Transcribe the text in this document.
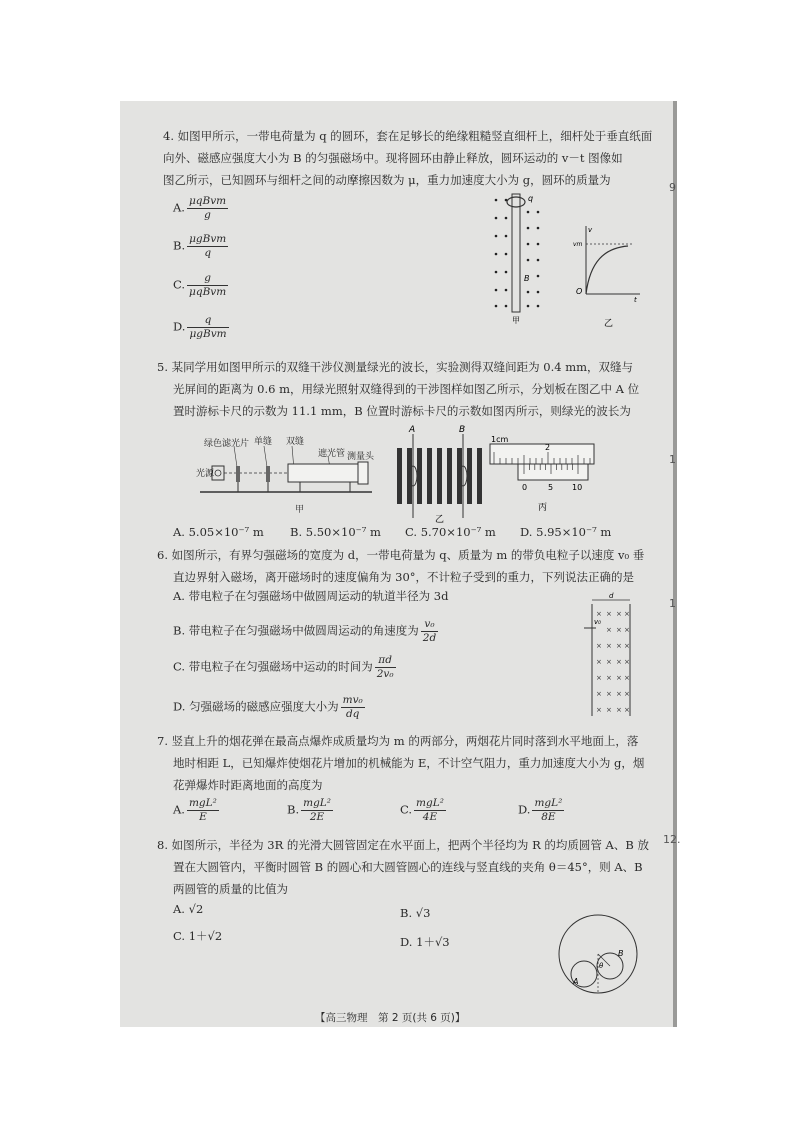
9
1
1
12.
4. 如图甲所示，一带电荷量为 q 的圆环，套在足够长的绝缘粗糙竖直细杆上，细杆处于垂直纸面
向外、磁感应强度大小为 B 的匀强磁场中。现将圆环由静止释放，圆环运动的 v－t 图像如
图乙所示，已知圆环与细杆之间的动摩擦因数为 μ，重力加速度大小为 g，圆环的质量为
A. $\frac{\text{μqBvm}}{g}$
B. $\frac{\text{μgBvm}}{q}$
C. $\frac{g}{\text{μqBvm}}$
D. $\frac{q}{\text{μgBvm}}$
q
B
甲
v
vm
O
t
乙
5. 某同学用如图甲所示的双缝干涉仪测量绿光的波长，实验测得双缝间距为 0.4 mm，双缝与
光屏间的距离为 0.6 m，用绿光照射双缝得到的干涉图样如图乙所示，分划板在图乙中 A 位
置时游标卡尺的示数为 11.1 mm，B 位置时游标卡尺的示数如图丙所示，则绿光的波长为
绿色滤光片 单缝 双缝
遮光管 测量头
光源
甲
A	B
乙
1cm
2
0	5 10
丙
A. 5.05×10⁻⁷ m B. 5.50×10⁻⁷ m C. 5.70×10⁻⁷ m D. 5.95×10⁻⁷ m
6. 如图所示，有界匀强磁场的宽度为 d，一带电荷量为 q、质量为 m 的带负电粒子以速度 v₀ 垂
直边界射入磁场，离开磁场时的速度偏角为 30°，不计粒子受到的重力，下列说法正确的是
A. 带电粒子在匀强磁场中做圆周运动的轨道半径为 3d
B. 带电粒子在匀强磁场中做圆周运动的角速度为 $\frac{\text{v₀}}{2d}$
C. 带电粒子在匀强磁场中运动的时间为 $\frac{\pi d}{\text{2v₀}}$
D. 匀强磁场的磁感应强度大小为 $\frac{\text{mv₀}}{dq}$
d
v₀
× × × ×
× × ×
× × × ×
× × × ×
× × × ×
× × × ×
× × × ×
7. 竖直上升的烟花弹在最高点爆炸成质量均为 m 的两部分，两烟花片同时落到水平地面上，落
地时相距 L，已知爆炸使烟花片增加的机械能为 E，不计空气阻力，重力加速度大小为 g，烟
花弹爆炸时距离地面的高度为
A. $\frac{\text{mgL²}}{E}$	B. $\frac{\text{mgL²}}{2E}$	C. $\frac{\text{mgL²}}{4E}$	D. $\frac{\text{mgL²}}{8E}$
8. 如图所示，半径为 3R 的光滑大圆管固定在水平面上，把两个半径均为 R 的均质圆管 A、B 放
置在大圆管内，平衡时圆管 B 的圆心和大圆管圆心的连线与竖直线的夹角 θ＝45°，则 A、B
两圆管的质量的比值为
A. √2	B. √3
C. 1＋√2	D. 1＋√3
A
B
θ
【高三物理　第 2 页(共 6 页)】
